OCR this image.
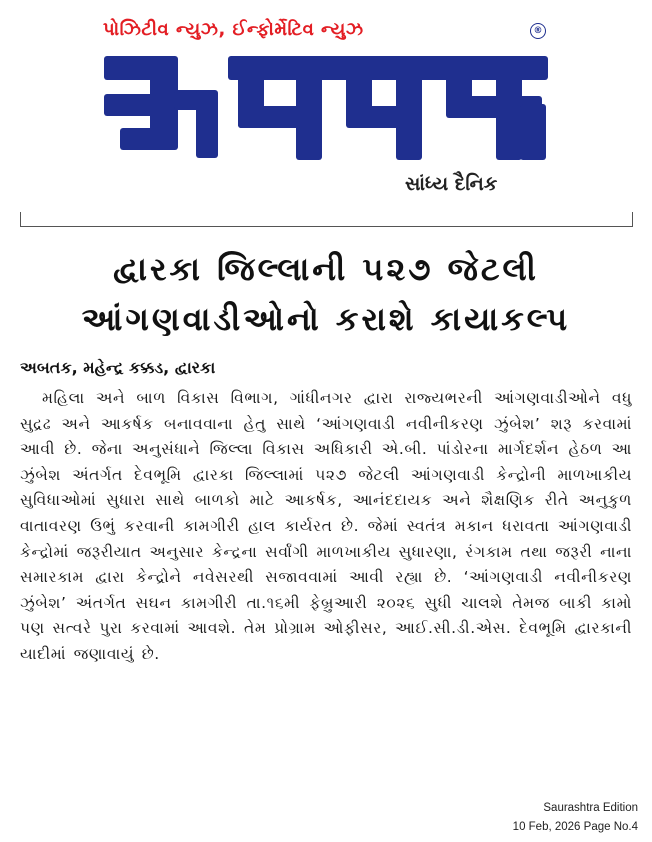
પોઝિટીવ ન્યુઝ, ઈન્ફોર્મેટિવ ન્યુઝ	®
સાંધ્ય દૈનિક
દ્વારકા જિલ્લાની ૫૨૭ જેટલી
આંગણવાડીઓનો કરાશે કાયાકલ્પ
અબતક, મહેન્દ્ર કક્કડ, દ્વારકા
મહિલા અને બાળ વિકાસ વિભાગ, ગાંધીનગર દ્વારા રાજ્યભરની આંગણવાડીઓને વધુ સુદ્રઢ અને આકર્ષક બનાવવાના હેતુ સાથે ‘આંગણવાડી નવીનીકરણ ઝુંબેશ’ શરૂ કરવામાં આવી છે. જેના અનુસંધાને જિલ્લા વિકાસ અધિકારી એ.બી. પાંડોરના માર્ગદર્શન હેઠળ આ ઝુંબેશ અંતર્ગત દેવભૂમિ દ્વારકા જિલ્લામાં ૫૨૭ જેટલી આંગણવાડી કેન્દ્રોની માળખાકીય સુવિધાઓમાં સુધારા સાથે બાળકો માટે આકર્ષક, આનંદદાયક અને શૈક્ષણિક રીતે અનુકુળ વાતાવરણ ઉભું કરવાની કામગીરી હાલ કાર્યરત છે. જેમાં સ્વતંત્ર મકાન ધરાવતા આંગણવાડી કેન્દ્રોમાં જરૂરીયાત અનુસાર કેન્દ્રના સર્વાંગી માળખાકીય સુધારણા, રંગકામ તથા જરૂરી નાના સમારકામ દ્વારા કેન્દ્રોને નવેસરથી સજાવવામાં આવી રહ્યા છે. ‘આંગણવાડી નવીનીકરણ ઝુંબેશ’ અંતર્ગત સઘન કામગીરી તા.૧૬મી ફેબ્રુઆરી ૨૦૨૬ સુધી ચાલશે તેમજ બાકી કામો પણ સત્વરે પુરા કરવામાં આવશે. તેમ પ્રોગ્રામ ઓફીસર, આઈ.સી.ડી.એસ. દેવભૂમિ દ્વારકાની યાદીમાં જણાવાયું છે.
Saurashtra Edition
10 Feb, 2026 Page No.4
